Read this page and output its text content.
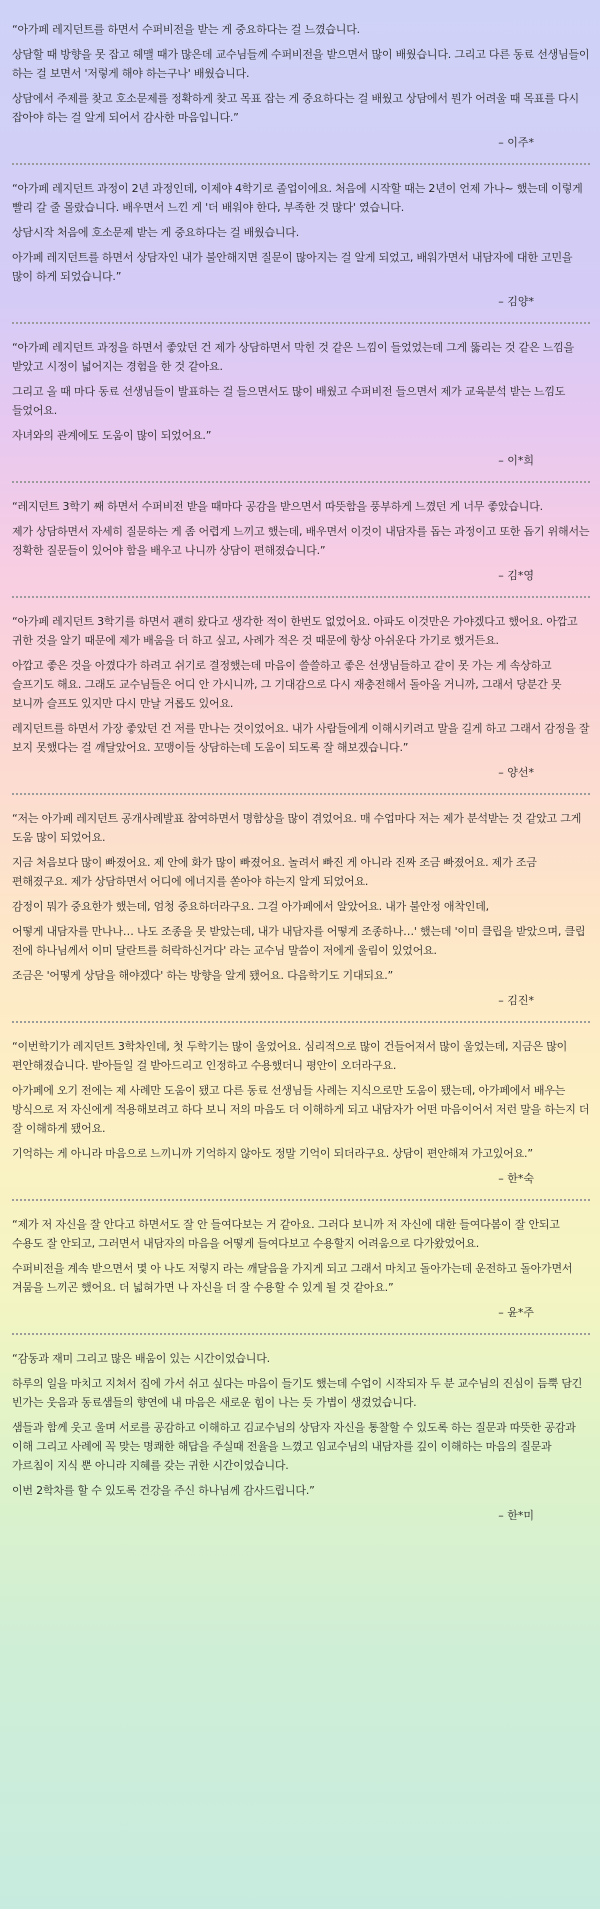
“아가페 레지던트를 하면서 수퍼비전을 받는 게 중요하다는 걸 느꼈습니다.

상담할 때 방향을 못 잡고 헤맬 때가 많은데 교수님들께 수퍼비전을 받으면서 많이 배웠습니다. 그리고 다른 동료 선생님들이 하는 걸 보면서 '저렇게 해야 하는구나' 배웠습니다.

상담에서 주제를 찾고 호소문제를 정확하게 찾고 목표 잡는 게 중요하다는 걸 배웠고 상담에서 뭔가 어려울 때 목표를 다시 잡아야 하는 걸 알게 되어서 감사한 마음입니다.”

– 이주*

“아가페 레지던트 과정이 2년 과정인데, 이제야 4학기로 졸업이에요. 처음에 시작할 때는 2년이 언제 가나~ 했는데 이렇게 빨리 갈 줄 몰랐습니다. 배우면서 느낀 게 '더 배워야 한다, 부족한 것 많다' 였습니다.

상담시작 처음에 호소문제 받는 게 중요하다는 걸 배웠습니다.

아가페 레지던트를 하면서 상담자인 내가 불안해지면 질문이 많아지는 걸 알게 되었고, 배워가면서 내담자에 대한 고민을 많이 하게 되었습니다.”

– 김양*

“아가페 레지던트 과정을 하면서 좋았던 건 제가 상담하면서 막힌 것 같은 느낌이 들었었는데 그게 뚫리는 것 같은 느낌을 받았고 시정이 넓어지는 경험을 한 것 같아요.

그리고 올 때 마다 동료 선생님들이 발표하는 걸 들으면서도 많이 배웠고 수퍼비전 들으면서 제가 교육분석 받는 느낌도 들었어요.

자녀와의 관계에도 도움이 많이 되었어요.”

– 이*희

“레지던트 3학기 째 하면서 수퍼비전 받을 때마다 공감을 받으면서 따뜻함을 풍부하게 느꼈던 게 너무 좋았습니다.

제가 상담하면서 자세히 질문하는 게 좀 어렵게 느끼고 했는데, 배우면서 이것이 내담자를 돕는 과정이고 또한 돕기 위해서는 정확한 질문들이 있어야 함을 배우고 나니까 상담이 편해졌습니다.”

– 김*영

“아가페 레지던트 3학기를 하면서 괜히 왔다고 생각한 적이 한번도 없었어요. 아파도 이것만은 가야겠다고 했어요. 아깝고 귀한 것을 알기 때문에 제가 배움을 더 하고 싶고, 사례가 적은 것 때문에 항상 아쉬운다 가기로 했거든요.

아깝고 좋은 것을 아꼈다가 하려고 쉬기로 결정했는데 마음이 쓸쓸하고 좋은 선생님들하고 같이 못 가는 게 속상하고 슬프기도 해요. 그래도 교수님들은 어디 안 가시니까, 그 기대감으로 다시 재충전해서 돌아올 거니까, 그래서 당분간 못 보니까 슬프도 있지만 다시 만날 거롭도 있어요.

레지던트를 하면서 가장 좋았던 건 저를 만나는 것이었어요. 내가 사람들에게 이해시키려고 말을 길게 하고 그래서 감정을 잘 보지 못했다는 걸 깨달았어요. 꼬맹이들 상담하는데 도움이 되도록 잘 해보겠습니다.”

– 양선*

“저는 아가페 레지던트 공개사례발표 참여하면서 명함상을 많이 겪었어요. 매 수업마다 저는 제가 분석받는 것 같았고 그게 도움 많이 되었어요.

지금 처음보다 많이 빠졌어요. 제 안에 화가 많이 빠졌어요. 놀려서 빠진 게 아니라 진짜 조금 빠졌어요. 제가 조금 편해졌구요. 제가 상담하면서 어디에 에너지를 쏟아야 하는지 알게 되었어요.

감정이 뭐가 중요한가 했는데, 엄청 중요하더라구요. 그걸 아가페에서 알았어요. 내가 불안정 애착인데,

어떻게 내담자를 만나나… 나도 조종을 못 받았는데, 내가 내담자를 어떻게 조종하나…' 했는데 '이미 클립을 받았으며, 클립 전에 하나님께서 이미 달란트를 허락하신거다' 라는 교수님 말씀이 저에게 울림이 있었어요.

조금은 '어떻게 상담을 해야겠다' 하는 방향을 알게 됐어요. 다음학기도 기대되요.”

– 김진*

“이번학기가 레지던트 3학차인데, 첫 두학기는 많이 울었어요. 심리적으로 많이 건들어져서 많이 울었는데, 지금은 많이 편안해졌습니다. 받아들일 걸 받아드리고 인정하고 수용했더니 평안이 오더라구요.

아가페에 오기 전에는 제 사례만 도움이 됐고 다른 동료 선생님들 사례는 지식으로만 도움이 됐는데, 아가페에서 배우는 방식으로 저 자신에게 적용해보려고 하다 보니 저의 마음도 더 이해하게 되고 내담자가 어떤 마음이어서 저런 말을 하는지 더 잘 이해하게 됐어요.

기억하는 게 아니라 마음으로 느끼니까 기억하지 않아도 정말 기억이 되더라구요. 상담이 편안해져 가고있어요.”

– 한*숙

“제가 저 자신을 잘 안다고 하면서도 잘 안 들여다보는 거 같아요. 그러다 보니까 저 자신에 대한 들여다봄이 잘 안되고 수용도 잘 안되고, 그러면서 내담자의 마음을 어떻게 들여다보고 수용할지 어려움으로 다가왔었어요.

수퍼비전을 계속 받으면서 몇 아 나도 저렇지 라는 깨달음을 가지게 되고 그래서 마치고 돌아가는데 운전하고 돌아가면서 겨뭄을 느끼곤 했어요. 더 넓혀가면 나 자신을 더 잘 수용할 수 있게 될 것 같아요.”

– 윤*주

“감동과 재미 그리고 많은 배움이 있는 시간이었습니다.

하루의 일을 마치고 지쳐서 집에 가서 쉬고 싶다는 마음이 들기도 했는데 수업이 시작되자 두 분 교수님의 진심이 듬뿍 담긴 빈가는 웃음과 동료샘들의 향연에 내 마음은 새로운 힘이 나는 듯 가볍이 생겼었습니다.

샘들과 함께 웃고 울며 서로를 공감하고 이해하고 김교수님의 상담자 자신을 통찰할 수 있도록 하는 질문과 따뜻한 공감과 이해 그리고 사례에 꼭 맞는 명쾌한 해답을 주실때 전율을 느꼈고 임교수님의 내담자를 깊이 이해하는 마음의 질문과 가르침이 지식 뿐 아니라 지혜를 갖는 귀한 시간이었습니다.

이번 2학차를 할 수 있도록 건강을 주신 하나님께 감사드립니다.”

– 한*미
